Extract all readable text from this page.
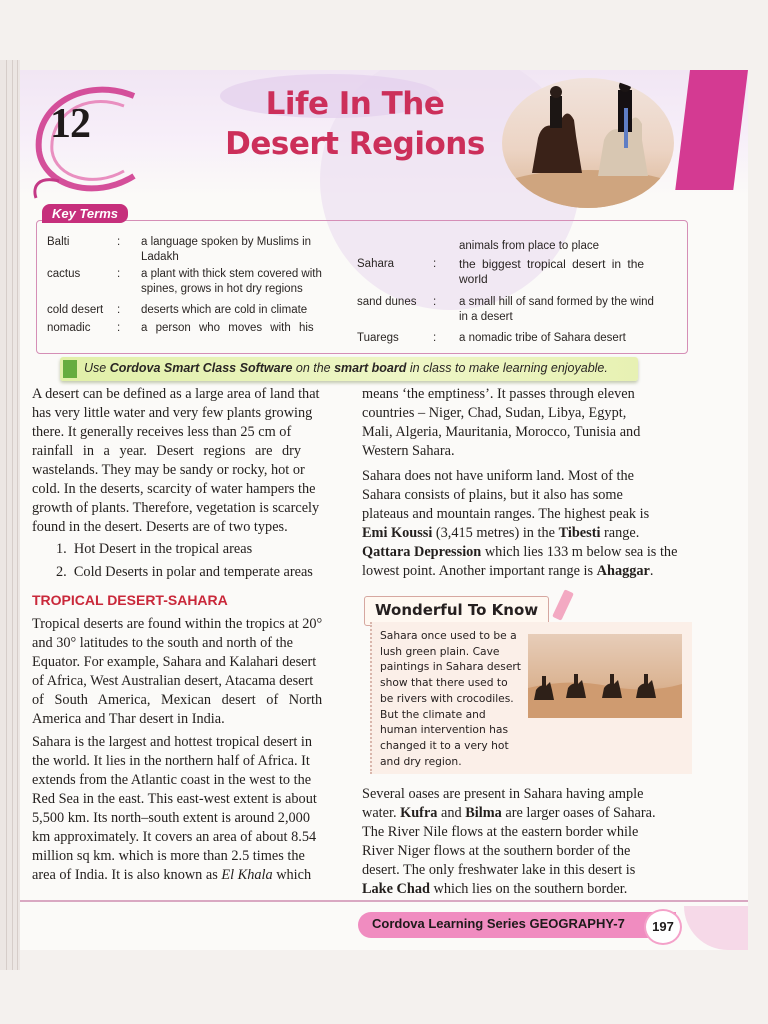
12	Life In The
Desert Regions
Balti	:	a language spoken by Muslims in
Ladakh
cactus	:	a plant with thick stem covered with
spines, grows in hot dry regions
cold desert	:	deserts which are cold in climate
nomadic	:	a person who moves with his
animals from place to place
Sahara	:	the biggest tropical desert in the
world
sand dunes	:	a small hill of sand formed by the wind
in a desert
Tuaregs	:	a nomadic tribe of Sahara desert
Key Terms
Use Cordova Smart Class Software on the smart board in class to make learning enjoyable.
A desert can be defined as a large area of land that
has very little water and very few plants growing
there. It generally receives less than 25 cm of
rainfall in a year. Desert regions are dry
wastelands. They may be sandy or rocky, hot or
cold. In the deserts, scarcity of water hampers the
growth of plants. Therefore, vegetation is scarcely
found in the desert. Deserts are of two types.
1. Hot Desert in the tropical areas
2. Cold Deserts in polar and temperate areas
TROPICAL DESERT-SAHARA
Tropical deserts are found within the tropics at 20°
and 30° latitudes to the south and north of the
Equator. For example, Sahara and Kalahari desert
of Africa, West Australian desert, Atacama desert
of South America, Mexican desert of North
America and Thar desert in India.
Sahara is the largest and hottest tropical desert in
the world. It lies in the northern half of Africa. It
extends from the Atlantic coast in the west to the
Red Sea in the east. This east-west extent is about
5,500 km. Its north–south extent is around 2,000
km approximately. It covers an area of about 8.54
million sq km. which is more than 2.5 times the
area of India. It is also known as El Khala which
means ‘the emptiness’. It passes through eleven
countries – Niger, Chad, Sudan, Libya, Egypt,
Mali, Algeria, Mauritania, Morocco, Tunisia and
Western Sahara.
Sahara does not have uniform land. Most of the
Sahara consists of plains, but it also has some
plateaus and mountain ranges. The highest peak is
Emi Koussi (3,415 metres) in the Tibesti range.
Qattara Depression which lies 133 m below sea is the
lowest point. Another important range is Ahaggar.
Wonderful To Know
Sahara once used to be a
lush green plain. Cave
paintings in Sahara desert
show that there used to
be rivers with crocodiles.
But the climate and
human intervention has
changed it to a very hot
and dry region.
Several oases are present in Sahara having ample
water. Kufra and Bilma are larger oases of Sahara.
The River Nile flows at the eastern border while
River Niger flows at the southern border of the
desert. The only freshwater lake in this desert is
Lake Chad which lies on the southern border.
Cordova Learning Series GEOGRAPHY-7	197
